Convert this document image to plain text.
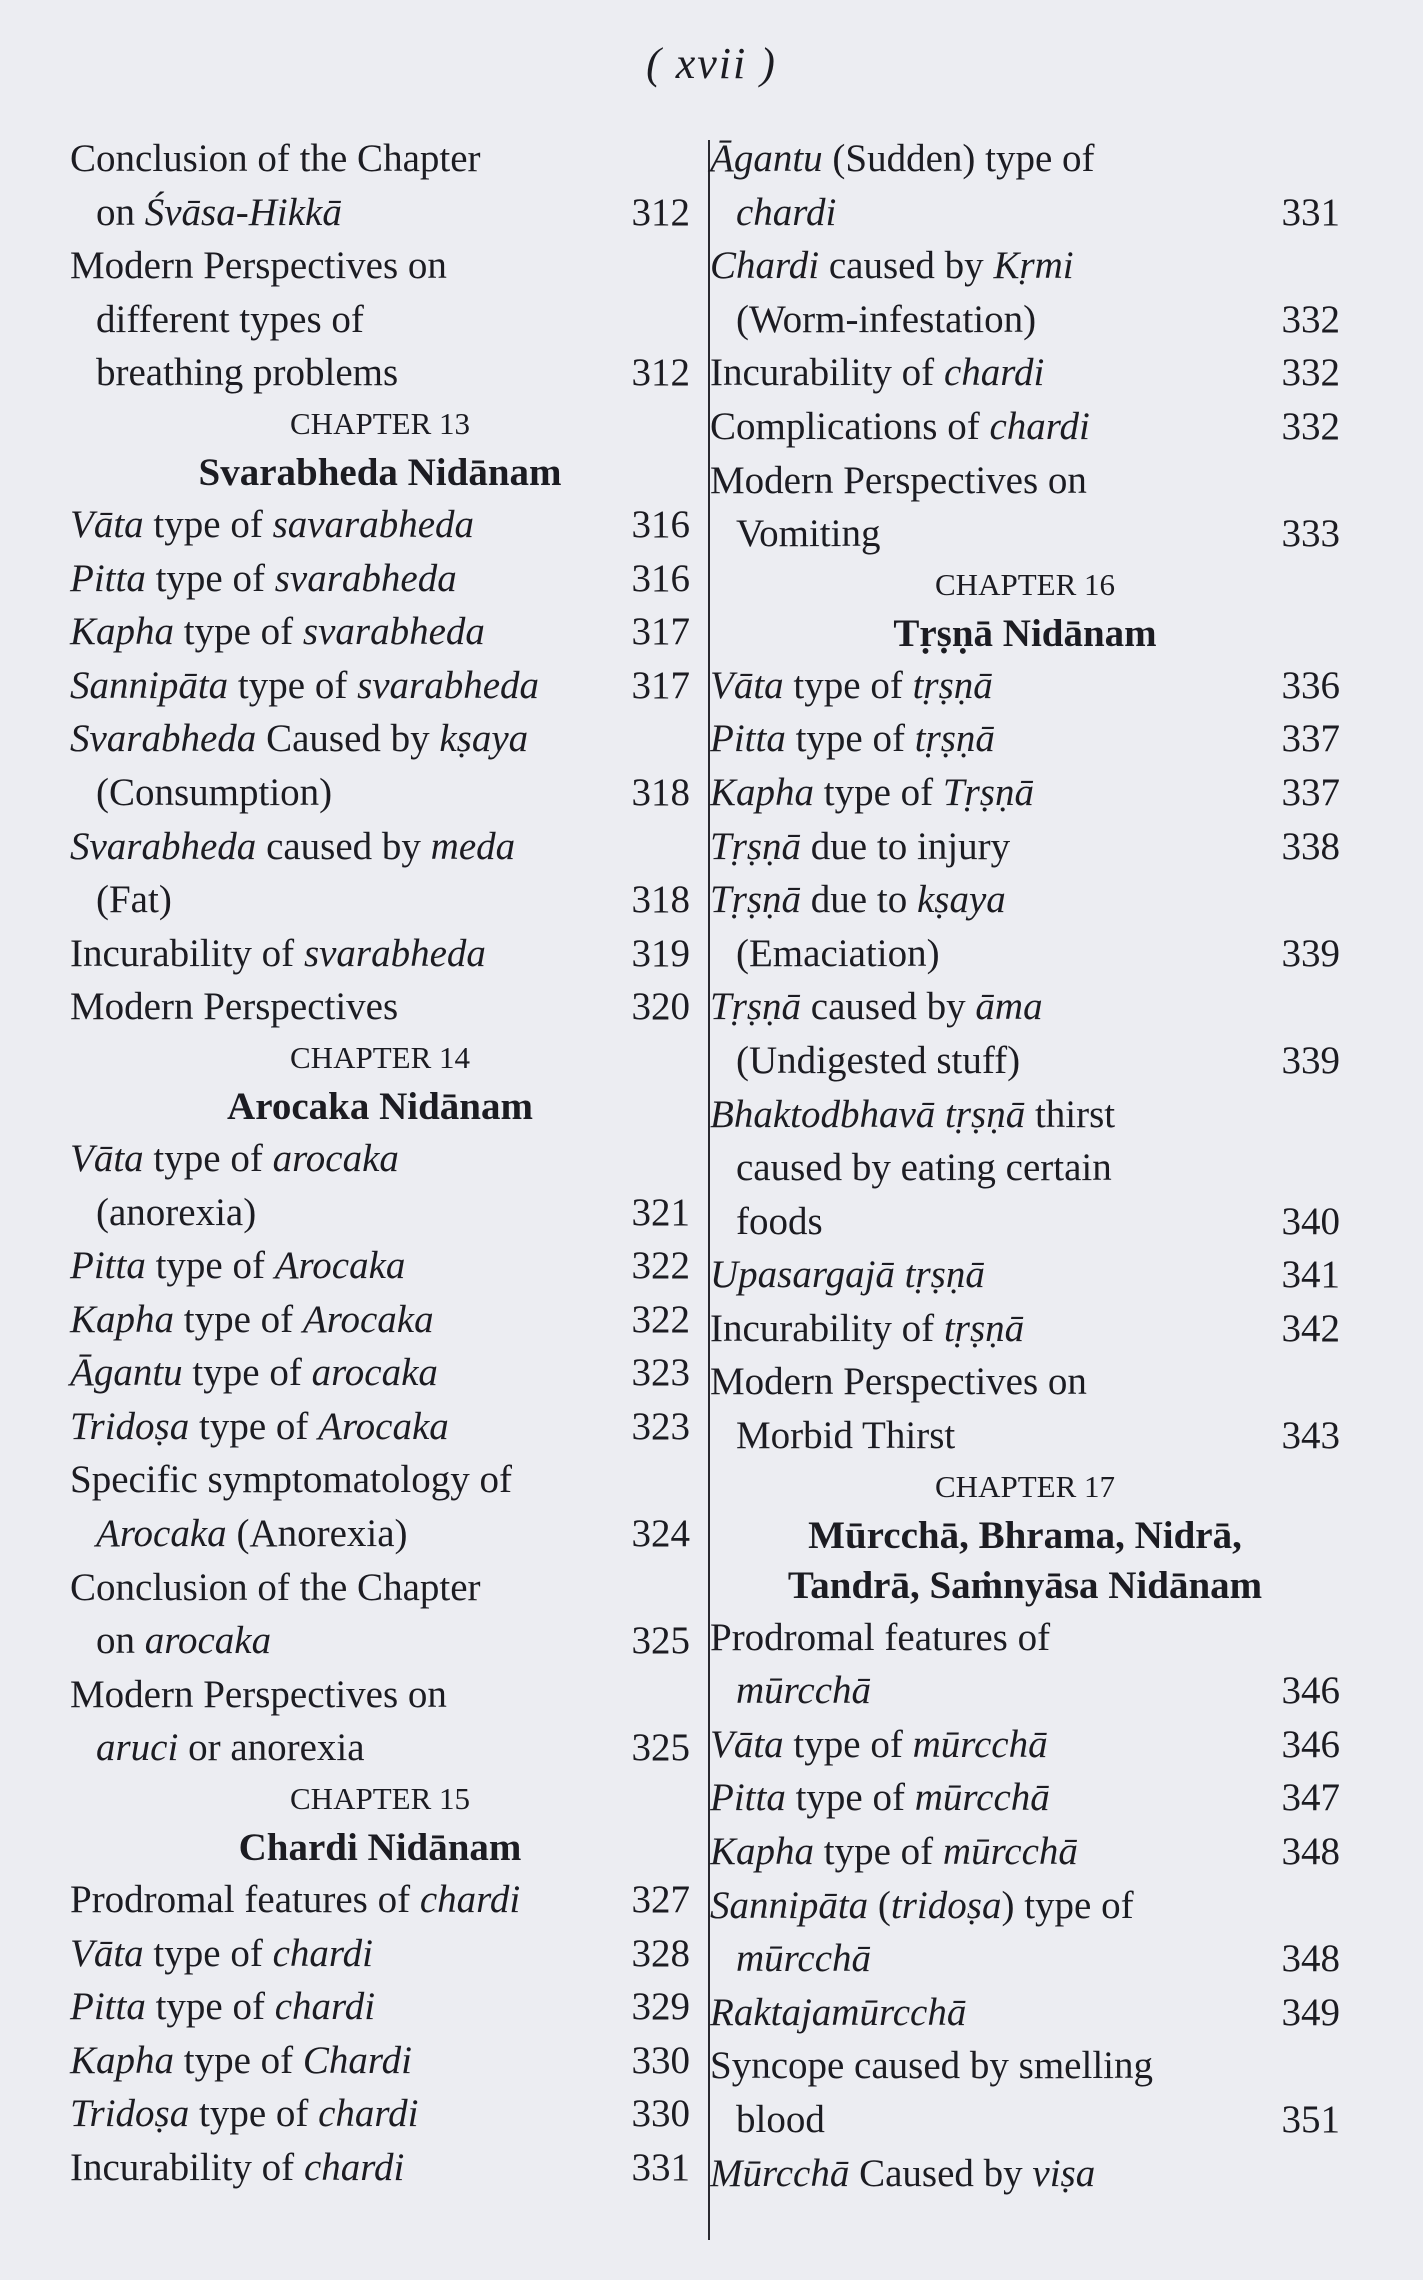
( xvii )
Conclusion of the Chapter
on Śvāsa-Hikkā	312
Modern Perspectives on
different types of
breathing problems	312
CHAPTER 13
Svarabheda Nidānam
Vāta type of savarabheda	316
Pitta type of svarabheda	316
Kapha type of svarabheda	317
Sannipāta type of svarabheda	317
Svarabheda Caused by kṣaya
(Consumption)	318
Svarabheda caused by meda
(Fat)	318
Incurability of svarabheda	319
Modern Perspectives	320
CHAPTER 14
Arocaka Nidānam
Vāta type of arocaka
(anorexia)	321
Pitta type of Arocaka	322
Kapha type of Arocaka	322
Āgantu type of arocaka	323
Tridoṣa type of Arocaka	323
Specific symptomatology of
Arocaka (Anorexia)	324
Conclusion of the Chapter
on arocaka	325
Modern Perspectives on
aruci or anorexia	325
CHAPTER 15
Chardi Nidānam
Prodromal features of chardi	327
Vāta type of chardi	328
Pitta type of chardi	329
Kapha type of Chardi	330
Tridoṣa type of chardi	330
Incurability of chardi	331
Āgantu (Sudden) type of
chardi	331
Chardi caused by Kṛmi
(Worm-infestation)	332
Incurability of chardi	332
Complications of chardi	332
Modern Perspectives on
Vomiting	333
CHAPTER 16
Tṛṣṇā Nidānam
Vāta type of tṛṣṇā	336
Pitta type of tṛṣṇā	337
Kapha type of Tṛṣṇā	337
Tṛṣṇā due to injury	338
Tṛṣṇā due to kṣaya
(Emaciation)	339
Tṛṣṇā caused by āma
(Undigested stuff)	339
Bhaktodbhavā tṛṣṇā thirst
caused by eating certain
foods	340
Upasargajā tṛṣṇā	341
Incurability of tṛṣṇā	342
Modern Perspectives on
Morbid Thirst	343
CHAPTER 17
Mūrcchā, Bhrama, Nidrā,
Tandrā, Saṁnyāsa Nidānam
Prodromal features of
mūrcchā	346
Vāta type of mūrcchā	346
Pitta type of mūrcchā	347
Kapha type of mūrcchā	348
Sannipāta (tridoṣa) type of
mūrcchā	348
Raktajamūrcchā	349
Syncope caused by smelling
blood	351
Mūrcchā Caused by viṣa
